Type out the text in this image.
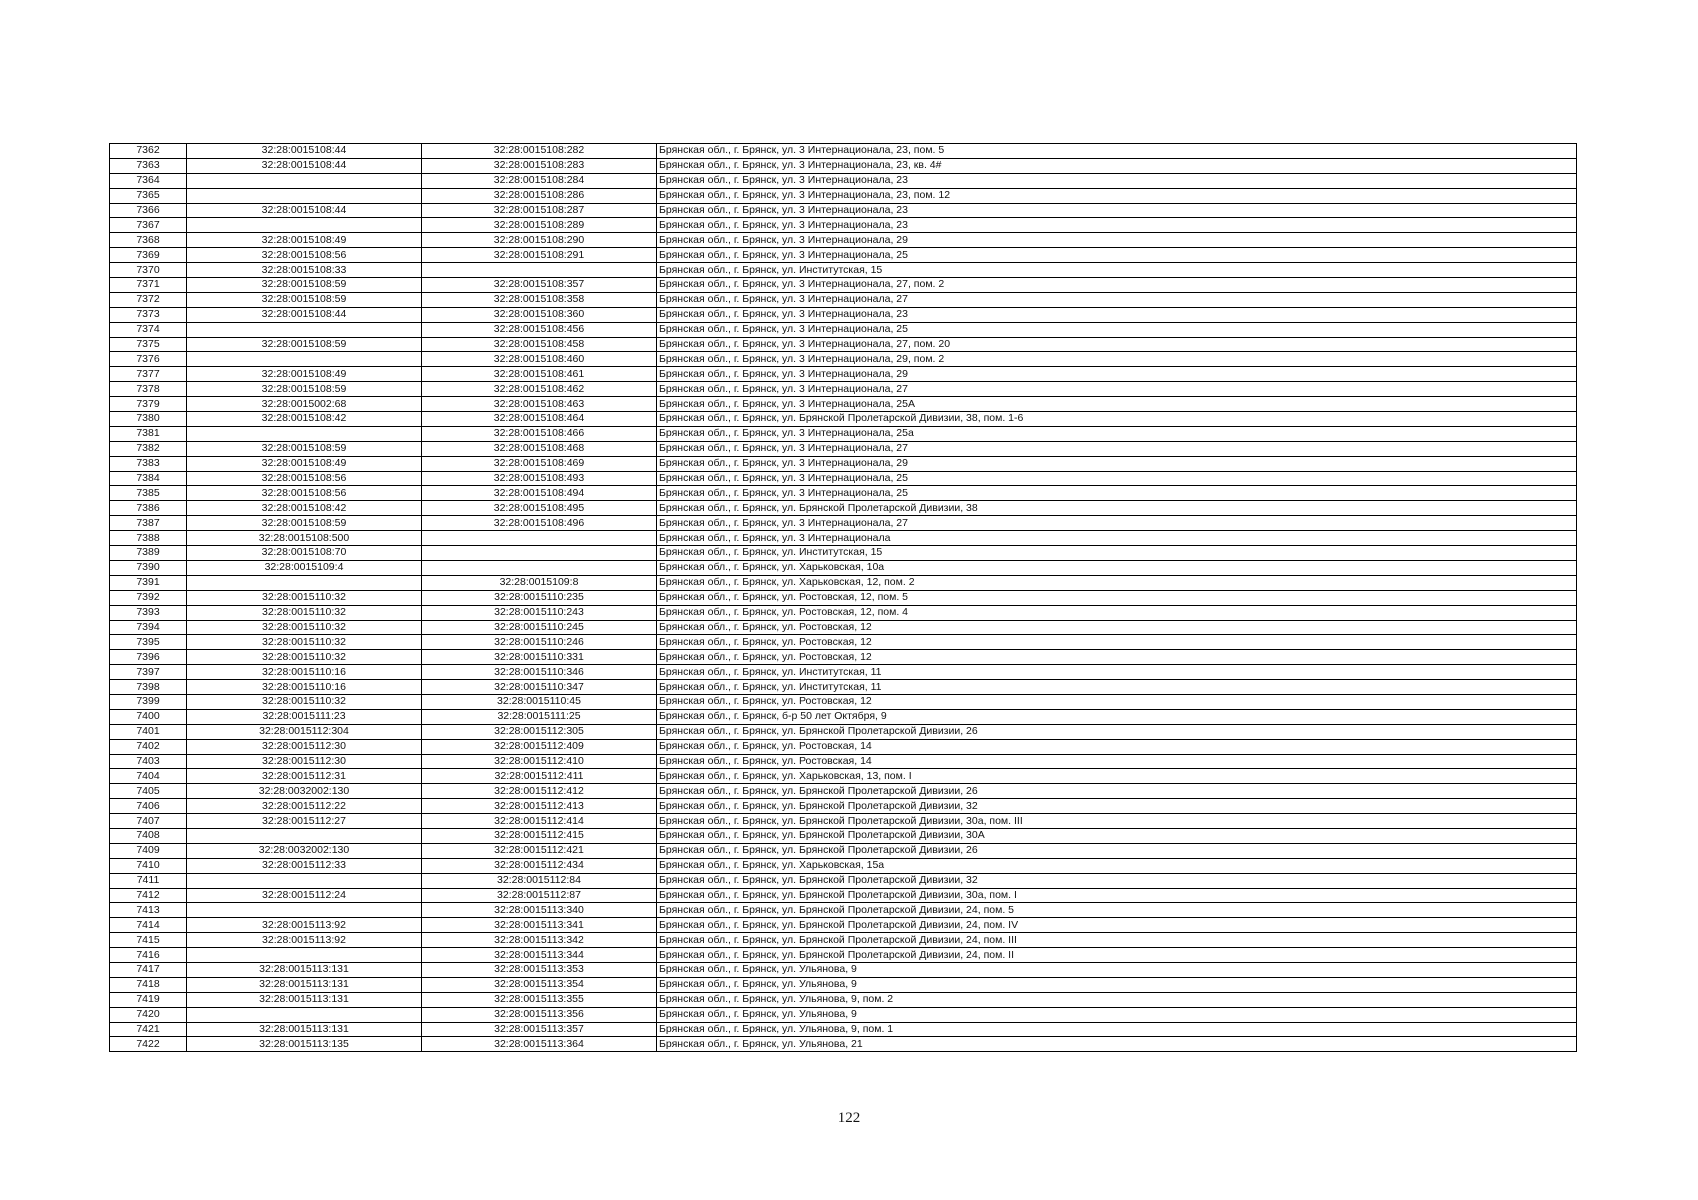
7362	32:28:0015108:44	32:28:0015108:282	Брянская обл., г. Брянск, ул. 3 Интернационала, 23, пом. 5
7363	32:28:0015108:44	32:28:0015108:283	Брянская обл., г. Брянск, ул. 3 Интернационала, 23, кв. 4#
7364		32:28:0015108:284	Брянская обл., г. Брянск, ул. 3 Интернационала, 23
7365		32:28:0015108:286	Брянская обл., г. Брянск, ул. 3 Интернационала, 23, пом. 12
7366	32:28:0015108:44	32:28:0015108:287	Брянская обл., г. Брянск, ул. 3 Интернационала, 23
7367		32:28:0015108:289	Брянская обл., г. Брянск, ул. 3 Интернационала, 23
7368	32:28:0015108:49	32:28:0015108:290	Брянская обл., г. Брянск, ул. 3 Интернационала, 29
7369	32:28:0015108:56	32:28:0015108:291	Брянская обл., г. Брянск, ул. 3 Интернационала, 25
7370	32:28:0015108:33		Брянская обл., г. Брянск, ул. Институтская, 15
7371	32:28:0015108:59	32:28:0015108:357	Брянская обл., г. Брянск, ул. 3 Интернационала, 27, пом. 2
7372	32:28:0015108:59	32:28:0015108:358	Брянская обл., г. Брянск, ул. 3 Интернационала, 27
7373	32:28:0015108:44	32:28:0015108:360	Брянская обл., г. Брянск, ул. 3 Интернационала, 23
7374		32:28:0015108:456	Брянская обл., г. Брянск, ул. 3 Интернационала, 25
7375	32:28:0015108:59	32:28:0015108:458	Брянская обл., г. Брянск, ул. 3 Интернационала, 27, пом. 20
7376		32:28:0015108:460	Брянская обл., г. Брянск, ул. 3 Интернационала, 29, пом. 2
7377	32:28:0015108:49	32:28:0015108:461	Брянская обл., г. Брянск, ул. 3 Интернационала, 29
7378	32:28:0015108:59	32:28:0015108:462	Брянская обл., г. Брянск, ул. 3 Интернационала, 27
7379	32:28:0015002:68	32:28:0015108:463	Брянская обл., г. Брянск, ул. 3 Интернационала, 25А
7380	32:28:0015108:42	32:28:0015108:464	Брянская обл., г. Брянск, ул. Брянской Пролетарской Дивизии, 38, пом. 1-6
7381		32:28:0015108:466	Брянская обл., г. Брянск, ул. 3 Интернационала, 25а
7382	32:28:0015108:59	32:28:0015108:468	Брянская обл., г. Брянск, ул. 3 Интернационала, 27
7383	32:28:0015108:49	32:28:0015108:469	Брянская обл., г. Брянск, ул. 3 Интернационала, 29
7384	32:28:0015108:56	32:28:0015108:493	Брянская обл., г. Брянск, ул. 3 Интернационала, 25
7385	32:28:0015108:56	32:28:0015108:494	Брянская обл., г. Брянск, ул. 3 Интернационала, 25
7386	32:28:0015108:42	32:28:0015108:495	Брянская обл., г. Брянск, ул. Брянской Пролетарской Дивизии, 38
7387	32:28:0015108:59	32:28:0015108:496	Брянская обл., г. Брянск, ул. 3 Интернационала, 27
7388	32:28:0015108:500		Брянская обл., г. Брянск, ул. 3 Интернационала
7389	32:28:0015108:70		Брянская обл., г. Брянск, ул. Институтская, 15
7390	32:28:0015109:4		Брянская обл., г. Брянск, ул. Харьковская, 10а
7391		32:28:0015109:8	Брянская обл., г. Брянск, ул. Харьковская, 12, пом. 2
7392	32:28:0015110:32	32:28:0015110:235	Брянская обл., г. Брянск, ул. Ростовская, 12, пом. 5
7393	32:28:0015110:32	32:28:0015110:243	Брянская обл., г. Брянск, ул. Ростовская, 12, пом. 4
7394	32:28:0015110:32	32:28:0015110:245	Брянская обл., г. Брянск, ул. Ростовская, 12
7395	32:28:0015110:32	32:28:0015110:246	Брянская обл., г. Брянск, ул. Ростовская, 12
7396	32:28:0015110:32	32:28:0015110:331	Брянская обл., г. Брянск, ул. Ростовская, 12
7397	32:28:0015110:16	32:28:0015110:346	Брянская обл., г. Брянск, ул. Институтская, 11
7398	32:28:0015110:16	32:28:0015110:347	Брянская обл., г. Брянск, ул. Институтская, 11
7399	32:28:0015110:32	32:28:0015110:45	Брянская обл., г. Брянск, ул. Ростовская, 12
7400	32:28:0015111:23	32:28:0015111:25	Брянская обл., г. Брянск, б-р 50 лет Октября, 9
7401	32:28:0015112:304	32:28:0015112:305	Брянская обл., г. Брянск, ул. Брянской Пролетарской Дивизии, 26
7402	32:28:0015112:30	32:28:0015112:409	Брянская обл., г. Брянск, ул. Ростовская, 14
7403	32:28:0015112:30	32:28:0015112:410	Брянская обл., г. Брянск, ул. Ростовская, 14
7404	32:28:0015112:31	32:28:0015112:411	Брянская обл., г. Брянск, ул. Харьковская, 13, пом. I
7405	32:28:0032002:130	32:28:0015112:412	Брянская обл., г. Брянск, ул. Брянской Пролетарской Дивизии, 26
7406	32:28:0015112:22	32:28:0015112:413	Брянская обл., г. Брянск, ул. Брянской Пролетарской Дивизии, 32
7407	32:28:0015112:27	32:28:0015112:414	Брянская обл., г. Брянск, ул. Брянской Пролетарской Дивизии, 30а, пом. III
7408		32:28:0015112:415	Брянская обл., г. Брянск, ул. Брянской Пролетарской Дивизии, 30А
7409	32:28:0032002:130	32:28:0015112:421	Брянская обл., г. Брянск, ул. Брянской Пролетарской Дивизии, 26
7410	32:28:0015112:33	32:28:0015112:434	Брянская обл., г. Брянск, ул. Харьковская, 15а
7411		32:28:0015112:84	Брянская обл., г. Брянск, ул. Брянской Пролетарской Дивизии, 32
7412	32:28:0015112:24	32:28:0015112:87	Брянская обл., г. Брянск, ул. Брянской Пролетарской Дивизии, 30а, пом. I
7413		32:28:0015113:340	Брянская обл., г. Брянск, ул. Брянской Пролетарской Дивизии, 24, пом. 5
7414	32:28:0015113:92	32:28:0015113:341	Брянская обл., г. Брянск, ул. Брянской Пролетарской Дивизии, 24, пом. IV
7415	32:28:0015113:92	32:28:0015113:342	Брянская обл., г. Брянск, ул. Брянской Пролетарской Дивизии, 24, пом. III
7416		32:28:0015113:344	Брянская обл., г. Брянск, ул. Брянской Пролетарской Дивизии, 24, пом. II
7417	32:28:0015113:131	32:28:0015113:353	Брянская обл., г. Брянск, ул. Ульянова, 9
7418	32:28:0015113:131	32:28:0015113:354	Брянская обл., г. Брянск, ул. Ульянова, 9
7419	32:28:0015113:131	32:28:0015113:355	Брянская обл., г. Брянск, ул. Ульянова, 9, пом. 2
7420		32:28:0015113:356	Брянская обл., г. Брянск, ул. Ульянова, 9
7421	32:28:0015113:131	32:28:0015113:357	Брянская обл., г. Брянск, ул. Ульянова, 9, пом. 1
7422	32:28:0015113:135	32:28:0015113:364	Брянская обл., г. Брянск, ул. Ульянова, 21
122
